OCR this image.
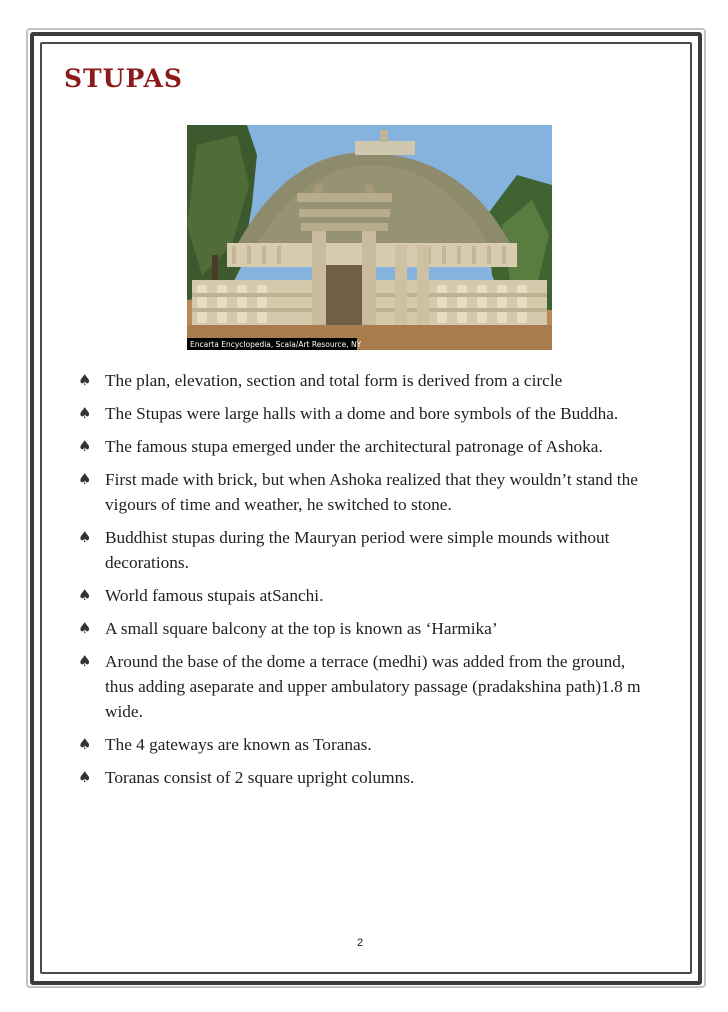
STUPAS
Encarta Encyclopedia, Scala/Art Resource, NY
♠ The plan, elevation, section and total form is derived from a circle
♠ The Stupas were large halls with a dome and bore symbols of the Buddha.
♠ The famous stupa emerged under the architectural patronage of Ashoka.
♠ First made with brick, but when Ashoka realized that they wouldn’t stand the vigours of time and weather, he switched to stone.
♠ Buddhist stupas during the Mauryan period were simple mounds without decorations.
♠ World famous stupais atSanchi.
♠ A small square balcony at the top is known as ‘Harmika’
♠ Around the base of the dome a terrace (medhi) was added from the ground, thus adding aseparate and upper ambulatory passage (pradakshina path)1.8 m wide.
♠ The 4 gateways are known as Toranas.
♠ Toranas consist of 2 square upright columns.
2
